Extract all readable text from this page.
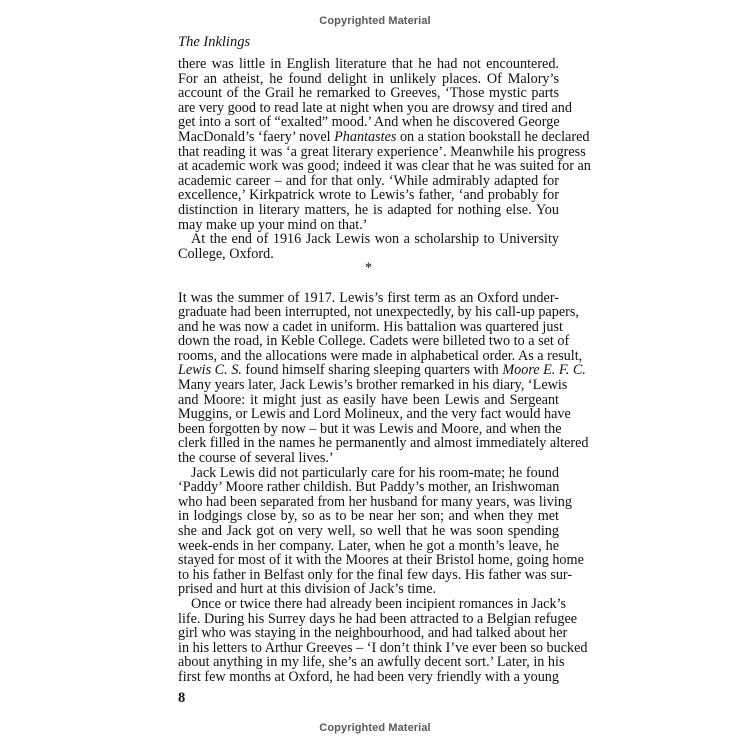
Copyrighted Material
The Inklings
there was little in English literature that he had not encountered.
For an atheist, he found delight in unlikely places. Of Malory’s
account of the Grail he remarked to Greeves, ‘Those mystic parts
are very good to read late at night when you are drowsy and tired and
get into a sort of “exalted” mood.’ And when he discovered George
MacDonald’s ‘faery’ novel Phantastes on a station bookstall he declared
that reading it was ‘a great literary experience’. Meanwhile his progress
at academic work was good; indeed it was clear that he was suited for an
academic career – and for that only. ‘While admirably adapted for
excellence,’ Kirkpatrick wrote to Lewis’s father, ‘and probably for
distinction in literary matters, he is adapted for nothing else. You
may make up your mind on that.’
At the end of 1916 Jack Lewis won a scholarship to University
College, Oxford.
*
It was the summer of 1917. Lewis’s first term as an Oxford under-
graduate had been interrupted, not unexpectedly, by his call-up papers,
and he was now a cadet in uniform. His battalion was quartered just
down the road, in Keble College. Cadets were billeted two to a set of
rooms, and the allocations were made in alphabetical order. As a result,
Lewis C. S. found himself sharing sleeping quarters with Moore E. F. C.
Many years later, Jack Lewis’s brother remarked in his diary, ‘Lewis
and Moore: it might just as easily have been Lewis and Sergeant
Muggins, or Lewis and Lord Molineux, and the very fact would have
been forgotten by now – but it was Lewis and Moore, and when the
clerk filled in the names he permanently and almost immediately altered
the course of several lives.’
Jack Lewis did not particularly care for his room-mate; he found
‘Paddy’ Moore rather childish. But Paddy’s mother, an Irishwoman
who had been separated from her husband for many years, was living
in lodgings close by, so as to be near her son; and when they met
she and Jack got on very well, so well that he was soon spending
week-ends in her company. Later, when he got a month’s leave, he
stayed for most of it with the Moores at their Bristol home, going home
to his father in Belfast only for the final few days. His father was sur-
prised and hurt at this division of Jack’s time.
Once or twice there had already been incipient romances in Jack’s
life. During his Surrey days he had been attracted to a Belgian refugee
girl who was staying in the neighbourhood, and had talked about her
in his letters to Arthur Greeves – ‘I don’t think I’ve ever been so bucked
about anything in my life, she’s an awfully decent sort.’ Later, in his
first few months at Oxford, he had been very friendly with a young
8
Copyrighted Material
